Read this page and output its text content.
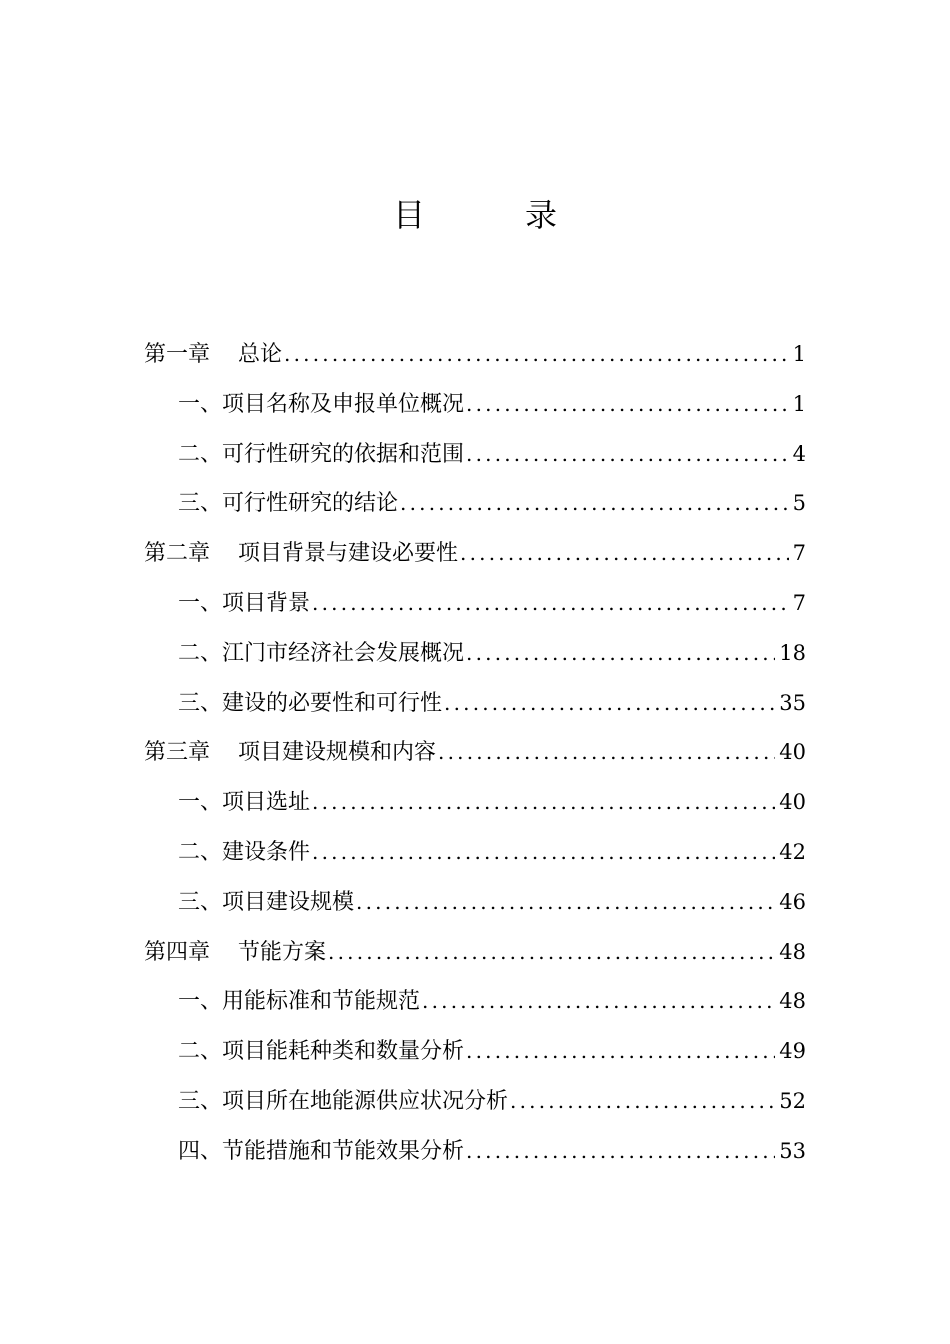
目	录
第一章 总论 .....	1
一、项目名称及申报单位概况 .....	1
二、可行性研究的依据和范围 .....	4
三、可行性研究的结论 .....	5
第二章 项目背景与建设必要性 .....	7
一、项目背景 .....	7
二、江门市经济社会发展概况 .....	18
三、建设的必要性和可行性 .....	35
第三章 项目建设规模和内容 .....	40
一、项目选址 .....	40
二、建设条件 .....	42
三、项目建设规模 .....	46
第四章 节能方案 .....	48
一、用能标准和节能规范 .....	48
二、项目能耗种类和数量分析 .....	49
三、项目所在地能源供应状况分析 .....	52
四、节能措施和节能效果分析 .....	53
